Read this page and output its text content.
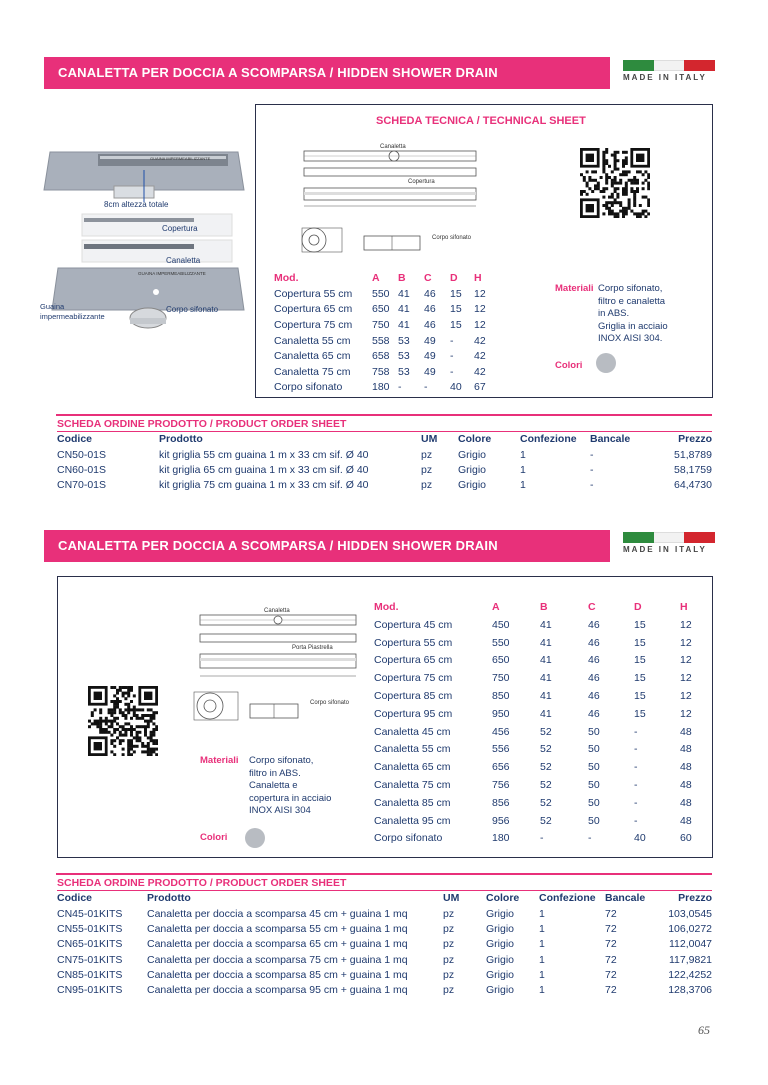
CANALETTA PER DOCCIA A SCOMPARSA / HIDDEN SHOWER DRAIN	MADE IN ITALY
GUAINA IMPERMEABILIZZANTE
8cm altezza totale
Copertura
Canaletta
GUAINA IMPERMEABILIZZANTE
Corpo sifonato
Guaina
impermeabilizzante
SCHEDA TECNICA / TECHNICAL SHEET
Canaletta
Copertura
Corpo sifonato
Mod.	A	B	C	D	H
Copertura 55 cm	550	41	46	15	12
Copertura 65 cm	650	41	46	15	12
Copertura 75 cm	750	41	46	15	12
Canaletta 55 cm	558	53	49	-	42
Canaletta 65 cm	658	53	49	-	42
Canaletta 75 cm	758	53	49	-	42
Corpo sifonato	180	-	-	40	67
Materiali Corpo sifonato,
filtro e canaletta
in ABS.
Griglia in acciaio
INOX AISI 304.
Colori
SCHEDA ORDINE PRODOTTO / PRODUCT ORDER SHEET						
Codice	Prodotto	UM	Colore	Confezione	Bancale	Prezzo
CN50-01S	kit griglia 55 cm guaina 1 m x 33 cm sif. Ø 40	pz	Grigio	1	-	51,8789
CN60-01S	kit griglia 65 cm guaina 1 m x 33 cm sif. Ø 40	pz	Grigio	1	-	58,1759
CN70-01S	kit griglia 75 cm guaina 1 m x 33 cm sif. Ø 40	pz	Grigio	1	-	64,4730
CANALETTA PER DOCCIA A SCOMPARSA / HIDDEN SHOWER DRAIN	MADE IN ITALY
Canaletta
Porta Piastrella
Corpo sifonato
Mod.	A	B	C	D	H
Copertura 45 cm	450	41	46	15	12
Copertura 55 cm	550	41	46	15	12
Copertura 65 cm	650	41	46	15	12
Copertura 75 cm	750	41	46	15	12
Copertura 85 cm	850	41	46	15	12
Copertura 95 cm	950	41	46	15	12
Canaletta 45 cm	456	52	50	-	48
Canaletta 55 cm	556	52	50	-	48
Canaletta 65 cm	656	52	50	-	48
Canaletta 75 cm	756	52	50	-	48
Canaletta 85 cm	856	52	50	-	48
Canaletta 95 cm	956	52	50	-	48
Corpo sifonato	180	-	-	40	60
Materiali Corpo sifonato,
filtro in ABS.
Canaletta e
copertura in acciaio
INOX AISI 304
Colori
SCHEDA ORDINE PRODOTTO / PRODUCT ORDER SHEET						
Codice	Prodotto	UM	Colore	Confezione	Bancale	Prezzo
CN45-01KITS	Canaletta per doccia a scomparsa 45 cm + guaina 1 mq	pz	Grigio	1	72	103,0545
CN55-01KITS	Canaletta per doccia a scomparsa 55 cm + guaina 1 mq	pz	Grigio	1	72	106,0272
CN65-01KITS	Canaletta per doccia a scomparsa 65 cm + guaina 1 mq	pz	Grigio	1	72	112,0047
CN75-01KITS	Canaletta per doccia a scomparsa 75 cm + guaina 1 mq	pz	Grigio	1	72	117,9821
CN85-01KITS	Canaletta per doccia a scomparsa 85 cm + guaina 1 mq	pz	Grigio	1	72	122,4252
CN95-01KITS	Canaletta per doccia a scomparsa 95 cm + guaina 1 mq	pz	Grigio	1	72	128,3706
65
